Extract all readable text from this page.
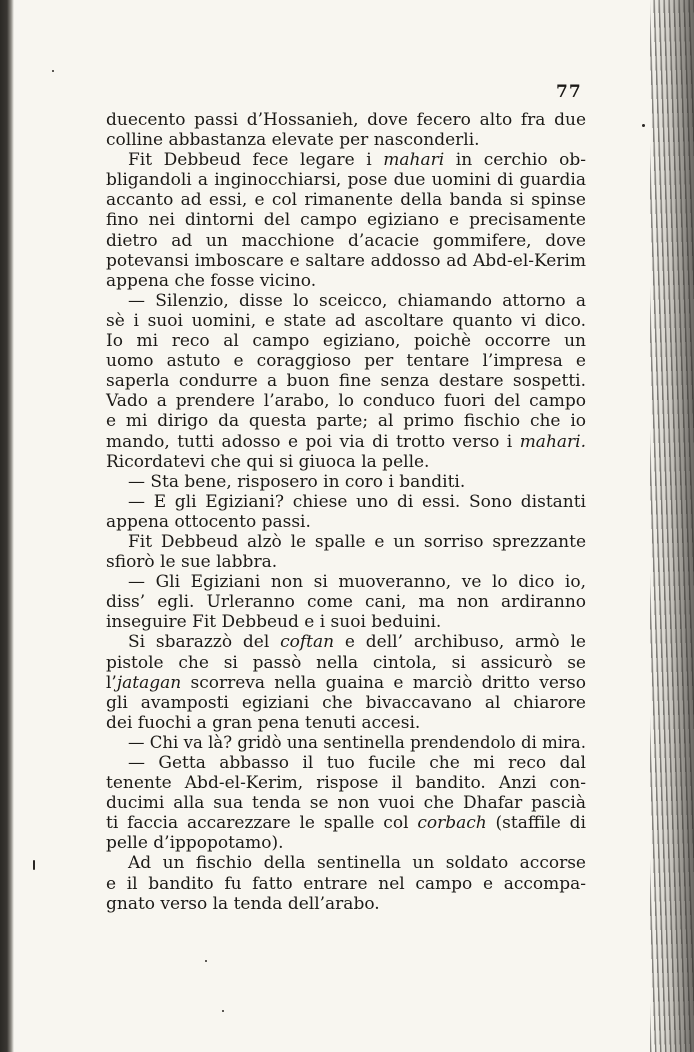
77
duecento passi d’Hossanieh, dove fecero alto fra due
colline abbastanza elevate per nasconderli.
Fit Debbeud fece legare i mahari in cerchio ob-
bligandoli a inginocchiarsi, pose due uomini di guardia
accanto ad essi, e col rimanente della banda si spinse
fino nei dintorni del campo egiziano e precisamente
dietro ad un macchione d’acacie gommifere, dove
potevansi imboscare e saltare addosso ad Abd-el-Kerim
appena che fosse vicino.
— Silenzio, disse lo sceicco, chiamando attorno a
sè i suoi uomini, e state ad ascoltare quanto vi dico.
Io mi reco al campo egiziano, poichè occorre un
uomo astuto e coraggioso per tentare l’impresa e
saperla condurre a buon fine senza destare sospetti.
Vado a prendere l’arabo, lo conduco fuori del campo
e mi dirigo da questa parte; al primo fischio che io
mando, tutti adosso e poi via di trotto verso i mahari.
Ricordatevi che qui si giuoca la pelle.
— Sta bene, risposero in coro i banditi.
— E gli Egiziani? chiese uno di essi. Sono distanti
appena ottocento passi.
Fit Debbeud alzò le spalle e un sorriso sprezzante
sfiorò le sue labbra.
— Gli Egiziani non si muoveranno, ve lo dico io,
diss’ egli. Urleranno come cani, ma non ardiranno
inseguire Fit Debbeud e i suoi beduini.
Si sbarazzò del coftan e dell’ archibuso, armò le
pistole che si passò nella cintola, si assicurò se
l’jatagan scorreva nella guaina e marciò dritto verso
gli avamposti egiziani che bivaccavano al chiarore
dei fuochi a gran pena tenuti accesi.
— Chi va là? gridò una sentinella prendendolo di mira.
— Getta abbasso il tuo fucile che mi reco dal
tenente Abd-el-Kerim, rispose il bandito. Anzi con-
ducimi alla sua tenda se non vuoi che Dhafar pascià
ti faccia accarezzare le spalle col corbach (staffile di
pelle d’ippopotamo).
Ad un fischio della sentinella un soldato accorse
e il bandito fu fatto entrare nel campo e accompa-
gnato verso la tenda dell’arabo.
